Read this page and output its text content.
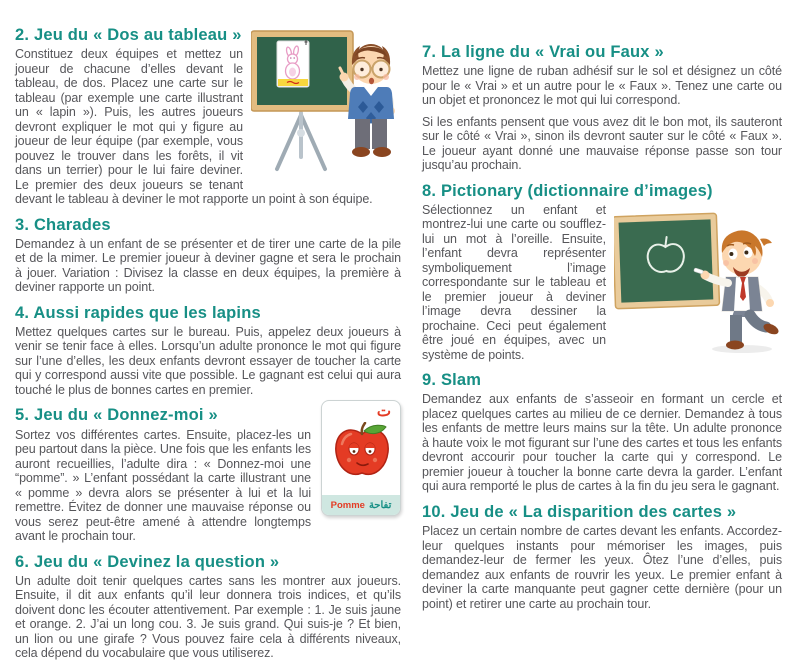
2. Jeu du « Dos au tableau »

Constituez deux équipes et mettez un joueur de chacune d’elles devant le tableau, de dos. Placez une carte sur le tableau (par exemple une carte illustrant un « lapin »). Puis, les autres joueurs devront expliquer le mot qui y figure au joueur de leur équipe (par exemple, vous pouvez le trouver dans les forêts, il vit dans un terrier) pour le lui faire deviner. Le premier des deux joueurs se tenant devant le tableau à deviner le mot rapporte un point à son équipe.

3. Charades

Demandez à un enfant de se présenter et de tirer une carte de la pile et de la mimer. Le premier joueur à deviner gagne et sera le prochain à jouer. Variation : Divisez la classe en deux équipes, la première à deviner rapporte un point.

4. Aussi rapides que les lapins

Mettez quelques cartes sur le bureau. Puis, appelez deux joueurs à venir se tenir face à elles. Lorsqu’un adulte prononce le mot qui figure sur l’une d’elles, les deux enfants devront essayer de toucher la carte qui y correspond aussi vite que possible. Le gagnant est celui qui aura touché le plus de bonnes cartes en premier.

ت
Pomme تفاحة
5. Jeu du « Donnez-moi »

Sortez vos différentes cartes. Ensuite, placez-les un peu partout dans la pièce. Une fois que les enfants les auront recueillies, l’adulte dira : « Donnez-moi une “pomme”. » L’enfant possédant la carte illustrant une « pomme » devra alors se présenter à lui et la lui remettre. Évitez de donner une mauvaise réponse ou vous serez peut-être amené à attendre longtemps avant le prochain tour.

6. Jeu du « Devinez la question »

Un adulte doit tenir quelques cartes sans les montrer aux joueurs. Ensuite, il dit aux enfants qu’il leur donnera trois indices, et qu’ils doivent donc les écouter attentivement. Par exemple : 1. Je suis jaune et orange. 2. J’ai un long cou. 3. Je suis grand. Qui suis-je ? Et bien, un lion ou une girafe ? Vous pouvez faire cela à différents niveaux, cela dépend du vocabulaire que vous utiliserez.

7. La ligne du « Vrai ou Faux »

Mettez une ligne de ruban adhésif sur le sol et désignez un côté pour le « Vrai » et un autre pour le « Faux ». Tenez une carte ou un objet et prononcez le mot qui lui correspond.

Si les enfants pensent que vous avez dit le bon mot, ils sauteront sur le côté « Vrai », sinon ils devront sauter sur le côté « Faux ». Le joueur ayant donné une mauvaise réponse passe son tour jusqu’au prochain.

8. Pictionary (dictionnaire d’images)

Sélectionnez un enfant et montrez-lui une carte ou soufflez-lui un mot à l’oreille. Ensuite, l’enfant devra représenter symboliquement l’image correspondante sur le tableau et le premier joueur à deviner l’image devra dessiner la prochaine. Ceci peut également être joué en équipes, avec un système de points.

9. Slam

Demandez aux enfants de s’asseoir en formant un cercle et placez quelques cartes au milieu de ce dernier. Demandez à tous les enfants de mettre leurs mains sur la tête. Un adulte prononce à haute voix le mot figurant sur l’une des cartes et tous les enfants devront accourir pour toucher la carte qui y correspond. Le premier joueur à toucher la bonne carte devra la garder. L’enfant qui aura remporté le plus de cartes à la fin du jeu sera le gagnant.

10. Jeu de « La disparition des cartes »

Placez un certain nombre de cartes devant les enfants. Accordez-leur quelques instants pour mémoriser les images, puis demandez-leur de fermer les yeux. Ôtez l’une d’elles, puis demandez aux enfants de rouvrir les yeux. Le premier enfant à deviner la carte manquante peut gagner cette dernière (pour un point) et retirer une carte au prochain tour.
